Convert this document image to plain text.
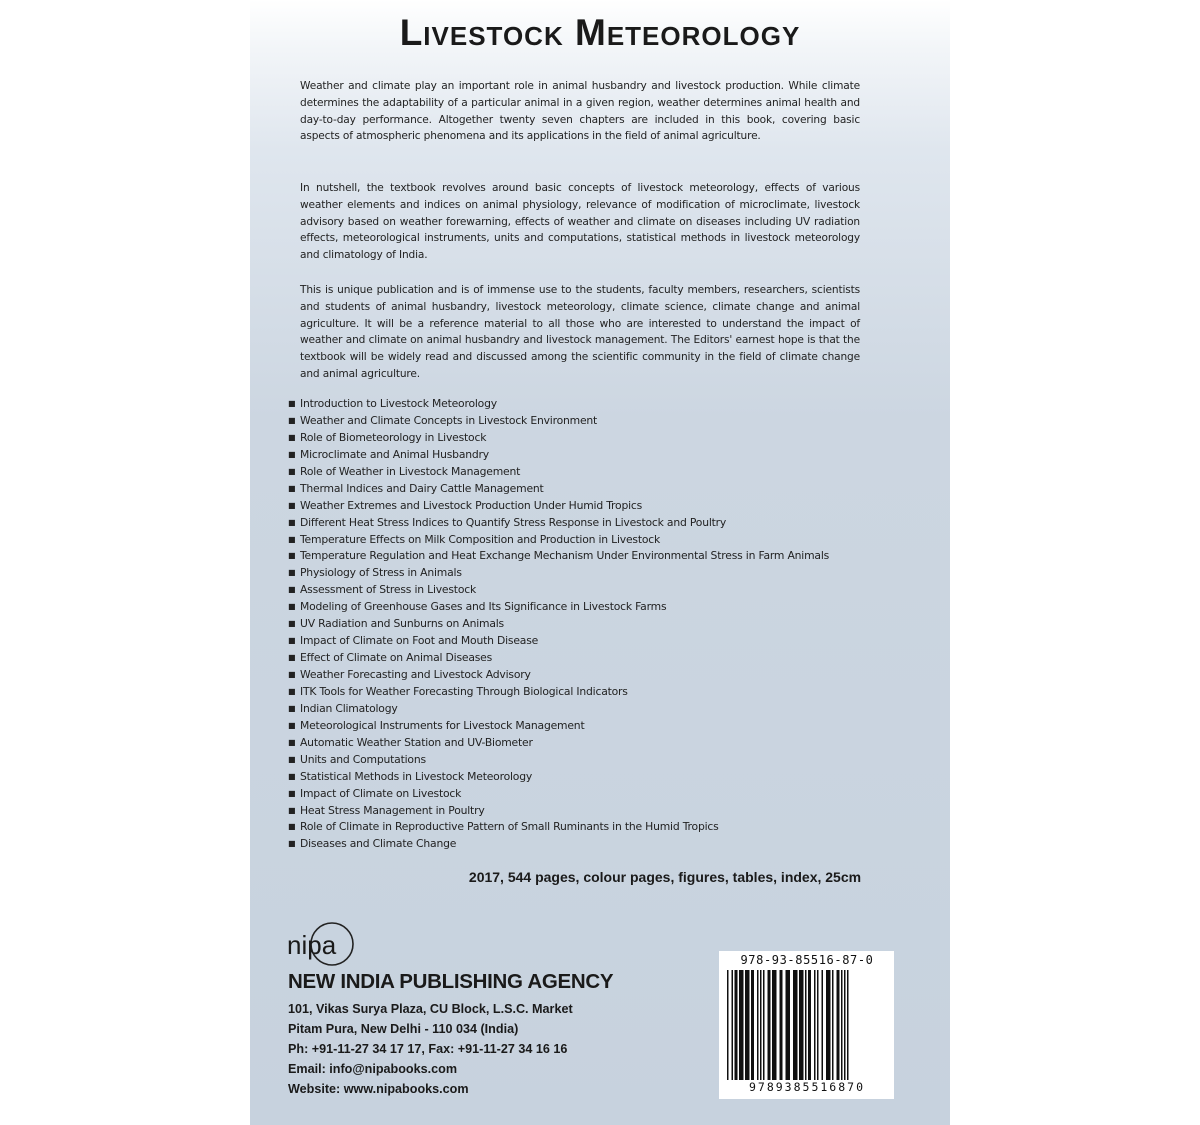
Livestock Meteorology
Weather and climate play an important role in animal husbandry and livestock production. While climate determines the adaptability of a particular animal in a given region, weather determines animal health and day-to-day performance. Altogether twenty seven chapters are included in this book, covering basic aspects of atmospheric phenomena and its applications in the field of animal agriculture.
In nutshell, the textbook revolves around basic concepts of livestock meteorology, effects of various weather elements and indices on animal physiology, relevance of modification of microclimate, livestock advisory based on weather forewarning, effects of weather and climate on diseases including UV radiation effects, meteorological instruments, units and computations, statistical methods in livestock meteorology and climatology of India.
This is unique publication and is of immense use to the students, faculty members, researchers, scientists and students of animal husbandry, livestock meteorology, climate science, climate change and animal agriculture. It will be a reference material to all those who are interested to understand the impact of weather and climate on animal husbandry and livestock management. The Editors' earnest hope is that the textbook will be widely read and discussed among the scientific community in the field of climate change and animal agriculture.
■ Introduction to Livestock Meteorology
■ Weather and Climate Concepts in Livestock Environment
■ Role of Biometeorology in Livestock
■ Microclimate and Animal Husbandry
■ Role of Weather in Livestock Management
■ Thermal Indices and Dairy Cattle Management
■ Weather Extremes and Livestock Production Under Humid Tropics
■ Different Heat Stress Indices to Quantify Stress Response in Livestock and Poultry
■ Temperature Effects on Milk Composition and Production in Livestock
■ Temperature Regulation and Heat Exchange Mechanism Under Environmental Stress in Farm Animals
■ Physiology of Stress in Animals
■ Assessment of Stress in Livestock
■ Modeling of Greenhouse Gases and Its Significance in Livestock Farms
■ UV Radiation and Sunburns on Animals
■ Impact of Climate on Foot and Mouth Disease
■ Effect of Climate on Animal Diseases
■ Weather Forecasting and Livestock Advisory
■ ITK Tools for Weather Forecasting Through Biological Indicators
■ Indian Climatology
■ Meteorological Instruments for Livestock Management
■ Automatic Weather Station and UV-Biometer
■ Units and Computations
■ Statistical Methods in Livestock Meteorology
■ Impact of Climate on Livestock
■ Heat Stress Management in Poultry
■ Role of Climate in Reproductive Pattern of Small Ruminants in the Humid Tropics
■ Diseases and Climate Change
2017, 544 pages, colour pages, figures, tables, index, 25cm
nipa
NEW INDIA PUBLISHING AGENCY
101, Vikas Surya Plaza, CU Block, L.S.C. Market
Pitam Pura, New Delhi - 110 034 (India)
Ph: +91-11-27 34 17 17, Fax: +91-11-27 34 16 16
Email: info@nipabooks.com
Website: www.nipabooks.com
978-93-85516-87-0
9789385516870
